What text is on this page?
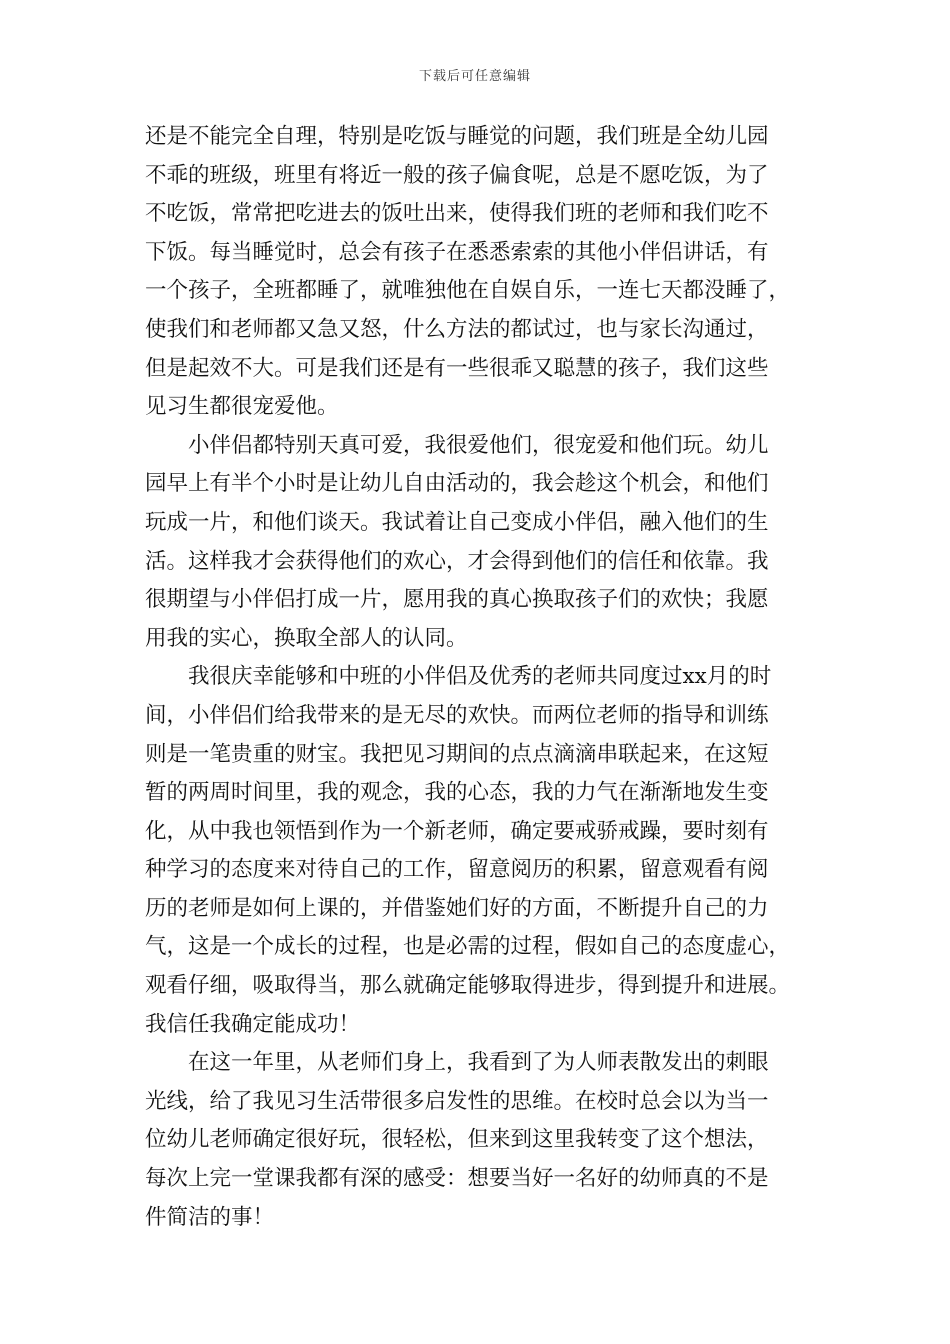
下载后可任意编辑
还是不能完全自理，特别是吃饭与睡觉的问题，我们班是全幼儿园
不乖的班级，班里有将近一般的孩子偏食呢，总是不愿吃饭，为了
不吃饭，常常把吃进去的饭吐出来，使得我们班的老师和我们吃不
下饭。每当睡觉时，总会有孩子在悉悉索索的其他小伴侣讲话，有
一个孩子，全班都睡了，就唯独他在自娱自乐，一连七天都没睡了，
使我们和老师都又急又怒，什么方法的都试过，也与家长沟通过，
但是起效不大。可是我们还是有一些很乖又聪慧的孩子，我们这些
见习生都很宠爱他。
　　小伴侣都特别天真可爱，我很爱他们，很宠爱和他们玩。幼儿
园早上有半个小时是让幼儿自由活动的，我会趁这个机会，和他们
玩成一片，和他们谈天。我试着让自己变成小伴侣，融入他们的生
活。这样我才会获得他们的欢心，才会得到他们的信任和依靠。我
很期望与小伴侣打成一片，愿用我的真心换取孩子们的欢快；我愿
用我的实心，换取全部人的认同。
　　我很庆幸能够和中班的小伴侣及优秀的老师共同度过xx月的时
间，小伴侣们给我带来的是无尽的欢快。而两位老师的指导和训练
则是一笔贵重的财宝。我把见习期间的点点滴滴串联起来，在这短
暂的两周时间里，我的观念，我的心态，我的力气在渐渐地发生变
化，从中我也领悟到作为一个新老师，确定要戒骄戒躁，要时刻有
种学习的态度来对待自己的工作，留意阅历的积累，留意观看有阅
历的老师是如何上课的，并借鉴她们好的方面，不断提升自己的力
气，这是一个成长的过程，也是必需的过程，假如自己的态度虚心，
观看仔细，吸取得当，那么就确定能够取得进步，得到提升和进展。
我信任我确定能成功！
　　在这一年里，从老师们身上，我看到了为人师表散发出的刺眼
光线，给了我见习生活带很多启发性的思维。在校时总会以为当一
位幼儿老师确定很好玩，很轻松，但来到这里我转变了这个想法，
每次上完一堂课我都有深的感受：想要当好一名好的幼师真的不是
件简洁的事！
